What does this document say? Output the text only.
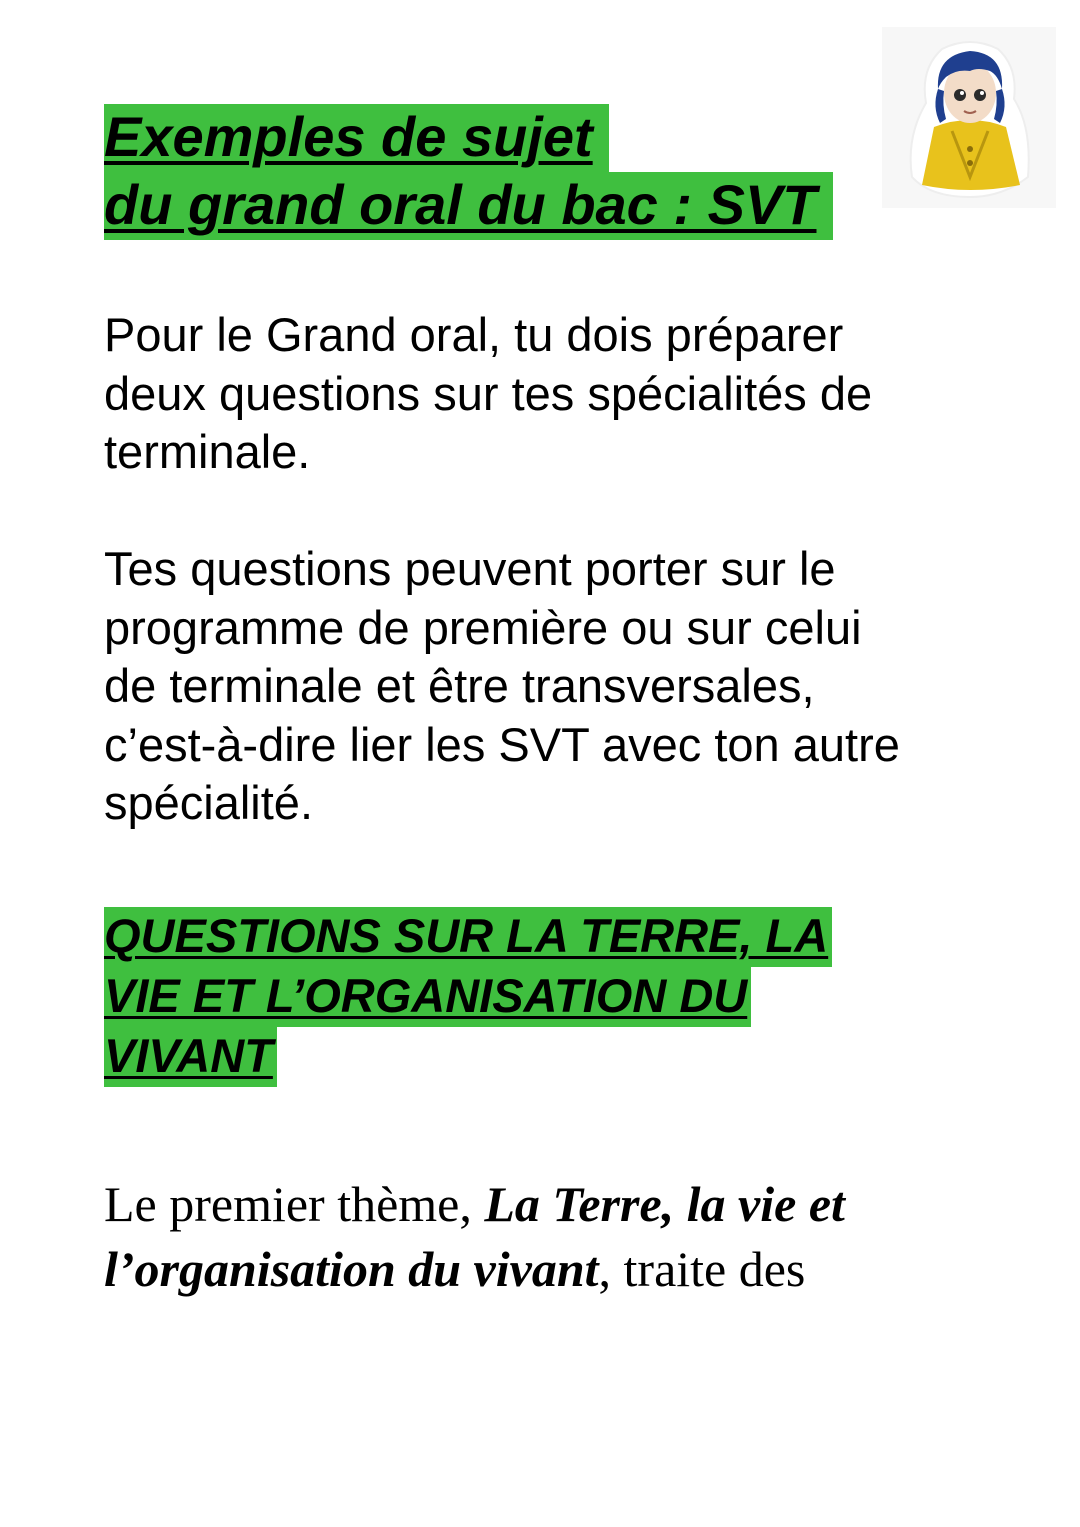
Exemples de sujet
du grand oral du bac : SVT

Pour le Grand oral, tu dois préparer
deux questions sur tes spécialités de
terminale.

Tes questions peuvent porter sur le
programme de première ou sur celui
de terminale et être transversales,
c’est-à-dire lier les SVT avec ton autre
spécialité.

QUESTIONS SUR LA TERRE, LA
VIE ET L’ORGANISATION DU
VIVANT

Le premier thème, La Terre, la vie et
l’organisation du vivant, traite des
